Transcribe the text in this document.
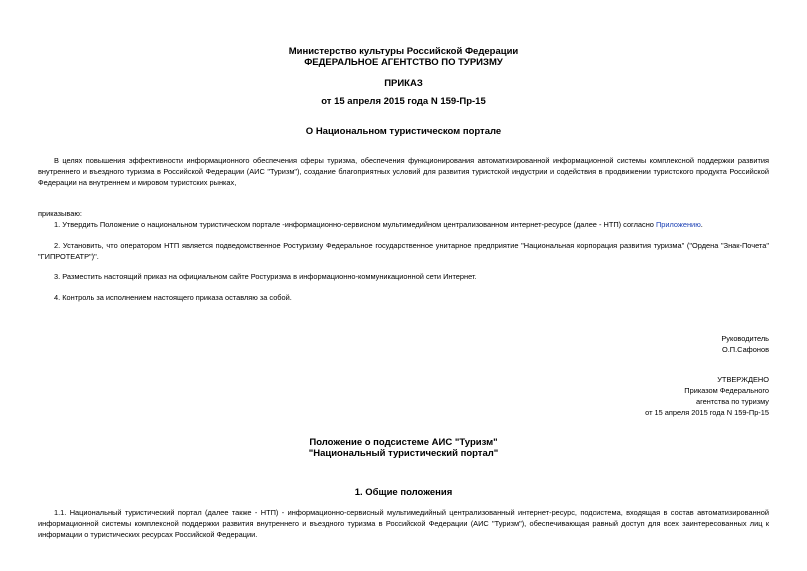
Министерство культуры Российской Федерации
ФЕДЕРАЛЬНОЕ АГЕНТСТВО ПО ТУРИЗМУ
ПРИКАЗ
от 15 апреля 2015 года N 159-Пр-15
О Национальном туристическом портале
В целях повышения эффективности информационного обеспечения сферы туризма, обеспечения функционирования автоматизированной информационной системы комплексной поддержки развития внутреннего и въездного туризма в Российской Федерации (АИС "Туризм"), создание благоприятных условий для развития туристской индустрии и содействия в продвижении туристского продукта Российской Федерации на внутреннем и мировом туристских рынках,
приказываю:
1. Утвердить Положение о национальном туристическом портале -информационно-сервисном мультимедийном централизованном интернет-ресурсе (далее - НТП) согласно Приложению.
2. Установить, что оператором НТП является подведомственное Ростуризму Федеральное государственное унитарное предприятие "Национальная корпорация развития туризма" ("Ордена "Знак-Почета" "ГИПРОТЕАТР")".
3. Разместить настоящий приказ на официальном сайте Ростуризма в информационно-коммуникационной сети Интернет.
4. Контроль за исполнением настоящего приказа оставляю за собой.
Руководитель
О.П.Сафонов
УТВЕРЖДЕНО
Приказом Федерального
агентства по туризму
от 15 апреля 2015 года N 159-Пр-15
Положение о подсистеме АИС "Туризм"
"Национальный туристический портал"
1. Общие положения
1.1. Национальный туристический портал (далее также - НТП) - информационно-сервисный мультимедийный централизованный интернет-ресурс, подсистема, входящая в состав автоматизированной информационной системы комплексной поддержки развития внутреннего и въездного туризма в Российской Федерации (АИС "Туризм"), обеспечивающая равный доступ для всех заинтересованных лиц к информации о туристических ресурсах Российской Федерации.
